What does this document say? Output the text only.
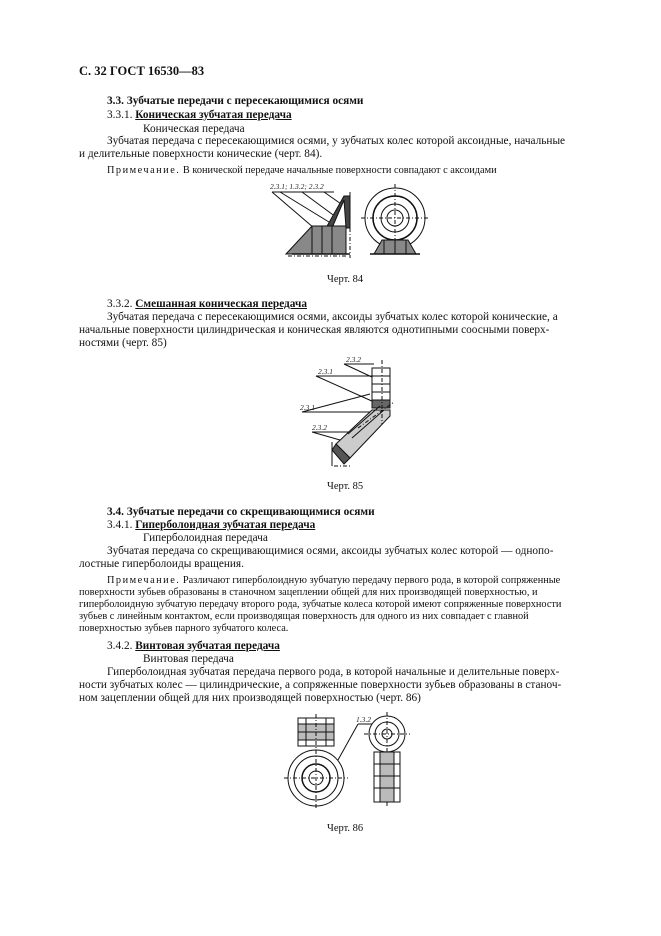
С. 32 ГОСТ 16530—83
3.3. Зубчатые передачи с пересекающимися осями
3.3.1. Коническая зубчатая передача
Коническая передача
Зубчатая передача с пересекающимися осями, у зубчатых колес которой аксоидные, начальные
и делительные поверхности конические (черт. 84).
Примечание. В конической передаче начальные поверхности совпадают с аксоидами
2.3.1; 1.3.2; 2.3.2
Черт. 84
3.3.2. Смешанная коническая передача
Зубчатая передача с пересекающимися осями, аксоиды зубчатых колес которой конические, а
начальные поверхности цилиндрическая и коническая являются однотипными соосными поверх-
ностями (черт. 85)
2.3.2
2.3.1
2.3.1
2.3.2
Черт. 85
3.4. Зубчатые передачи со скрещивающимися осями
3.4.1. Гиперболоидная зубчатая передача
Гиперболоидная передача
Зубчатая передача со скрещивающимися осями, аксоиды зубчатых колес которой — однопо-
лостные гиперболоиды вращения.
Примечание. Различают гиперболоидную зубчатую передачу первого рода, в которой сопряженные
поверхности зубьев образованы в станочном зацеплении общей для них производящей поверхностью, и
гиперболоидную зубчатую передачу второго рода, зубчатые колеса которой имеют сопряженные поверхности
зубьев с линейным контактом, если производящая поверхность для одного из них совпадает с главной
поверхностью зубьев парного зубчатого колеса.
3.4.2. Винтовая зубчатая передача
Винтовая передача
Гиперболоидная зубчатая передача первого рода, в которой начальные и делительные поверх-
ности зубчатых колес — цилиндрические, а сопряженные поверхности зубьев образованы в станоч-
ном зацеплении общей для них производящей поверхностью (черт. 86)
1.3.2
Черт. 86
